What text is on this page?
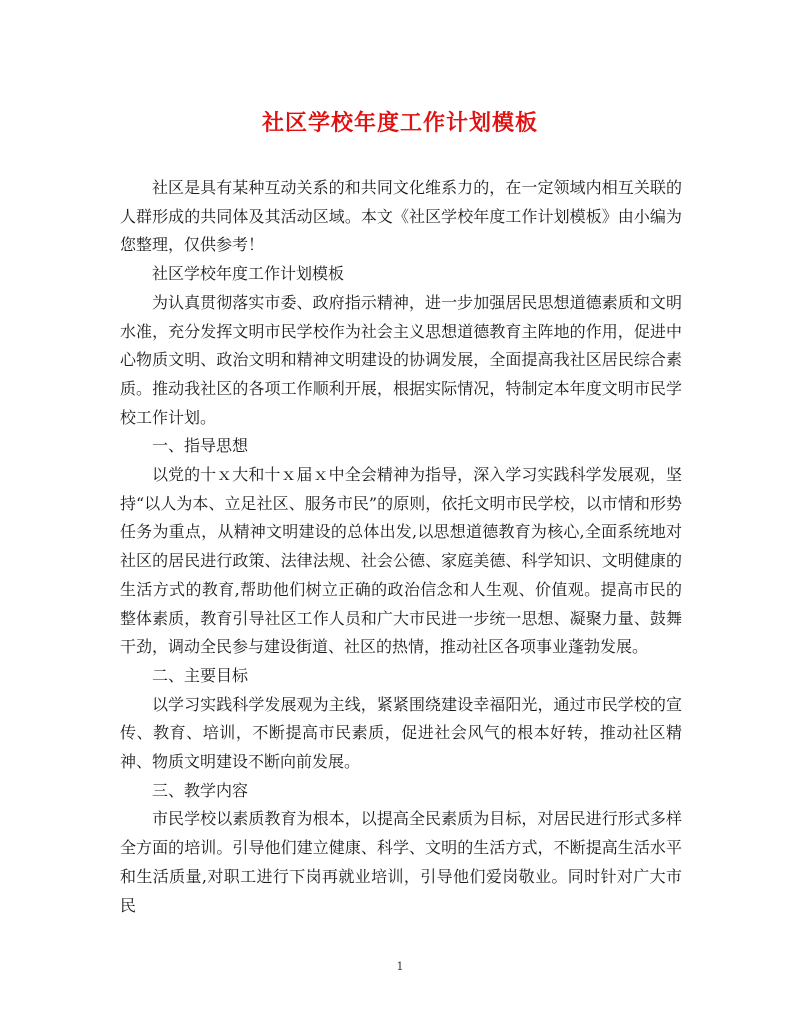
社区学校年度工作计划模板

社区是具有某种互动关系的和共同文化维系力的，在一定领域内相互关联的人群形成的共同体及其活动区域。本文《社区学校年度工作计划模板》由小编为您整理，仅供参考！

社区学校年度工作计划模板

为认真贯彻落实市委、政府指示精神，进一步加强居民思想道德素质和文明水准，充分发挥文明市民学校作为社会主义思想道德教育主阵地的作用，促进中心物质文明、政治文明和精神文明建设的协调发展，全面提高我社区居民综合素质。推动我社区的各项工作顺利开展，根据实际情况，特制定本年度文明市民学校工作计划。

一、指导思想

以党的十ｘ大和十ｘ届ｘ中全会精神为指导，深入学习实践科学发展观，坚持“以人为本、立足社区、服务市民”的原则，依托文明市民学校，以市情和形势任务为重点，从精神文明建设的总体出发,以思想道德教育为核心,全面系统地对社区的居民进行政策、法律法规、社会公德、家庭美德、科学知识、文明健康的生活方式的教育,帮助他们树立正确的政治信念和人生观、价值观。提高市民的整体素质，教育引导社区工作人员和广大市民进一步统一思想、凝聚力量、鼓舞干劲，调动全民参与建设街道、社区的热情，推动社区各项事业蓬勃发展。

二、主要目标

以学习实践科学发展观为主线，紧紧围绕建设幸福阳光，通过市民学校的宣传、教育、培训，不断提高市民素质，促进社会风气的根本好转，推动社区精神、物质文明建设不断向前发展。

三、教学内容

市民学校以素质教育为根本，以提高全民素质为目标，对居民进行形式多样全方面的培训。引导他们建立健康、科学、文明的生活方式，不断提高生活水平和生活质量,对职工进行下岗再就业培训，引导他们爱岗敬业。同时针对广大市民

1
